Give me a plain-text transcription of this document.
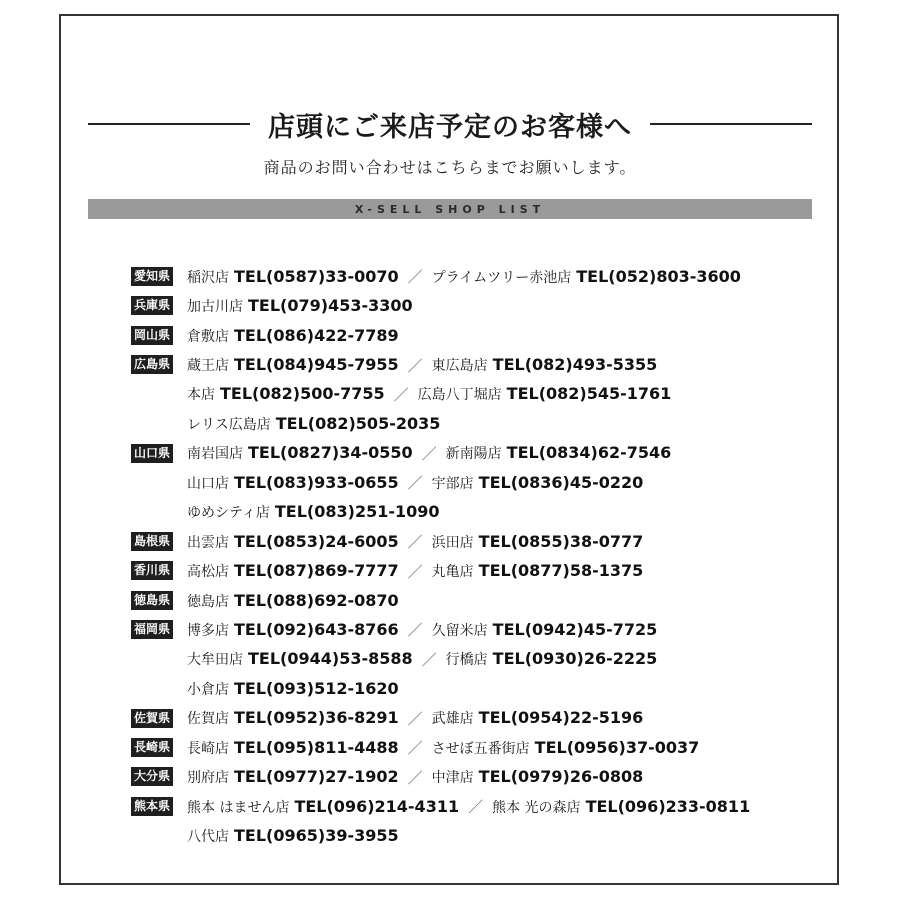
店頭にご来店予定のお客様へ
商品のお問い合わせはこちらまでお願いします。
X-SELL SHOP LIST
愛知県 稲沢店 TEL(0587)33-0070 ／ プライムツリー赤池店 TEL(052)803-3600
兵庫県 加古川店 TEL(079)453-3300
岡山県 倉敷店 TEL(086)422-7789
広島県 蔵王店 TEL(084)945-7955 ／ 東広島店 TEL(082)493-5355
本店 TEL(082)500-7755 ／ 広島八丁堀店 TEL(082)545-1761
レリス広島店 TEL(082)505-2035
山口県 南岩国店 TEL(0827)34-0550 ／ 新南陽店 TEL(0834)62-7546
山口店 TEL(083)933-0655 ／ 宇部店 TEL(0836)45-0220
ゆめシティ店 TEL(083)251-1090
島根県 出雲店 TEL(0853)24-6005 ／ 浜田店 TEL(0855)38-0777
香川県 高松店 TEL(087)869-7777 ／ 丸亀店 TEL(0877)58-1375
徳島県 徳島店 TEL(088)692-0870
福岡県 博多店 TEL(092)643-8766 ／ 久留米店 TEL(0942)45-7725
大牟田店 TEL(0944)53-8588 ／ 行橋店 TEL(0930)26-2225
小倉店 TEL(093)512-1620
佐賀県 佐賀店 TEL(0952)36-8291 ／ 武雄店 TEL(0954)22-5196
長崎県 長崎店 TEL(095)811-4488 ／ させぼ五番街店 TEL(0956)37-0037
大分県 別府店 TEL(0977)27-1902 ／ 中津店 TEL(0979)26-0808
熊本県 熊本 はません店 TEL(096)214-4311 ／ 熊本 光の森店 TEL(096)233-0811
八代店 TEL(0965)39-3955
